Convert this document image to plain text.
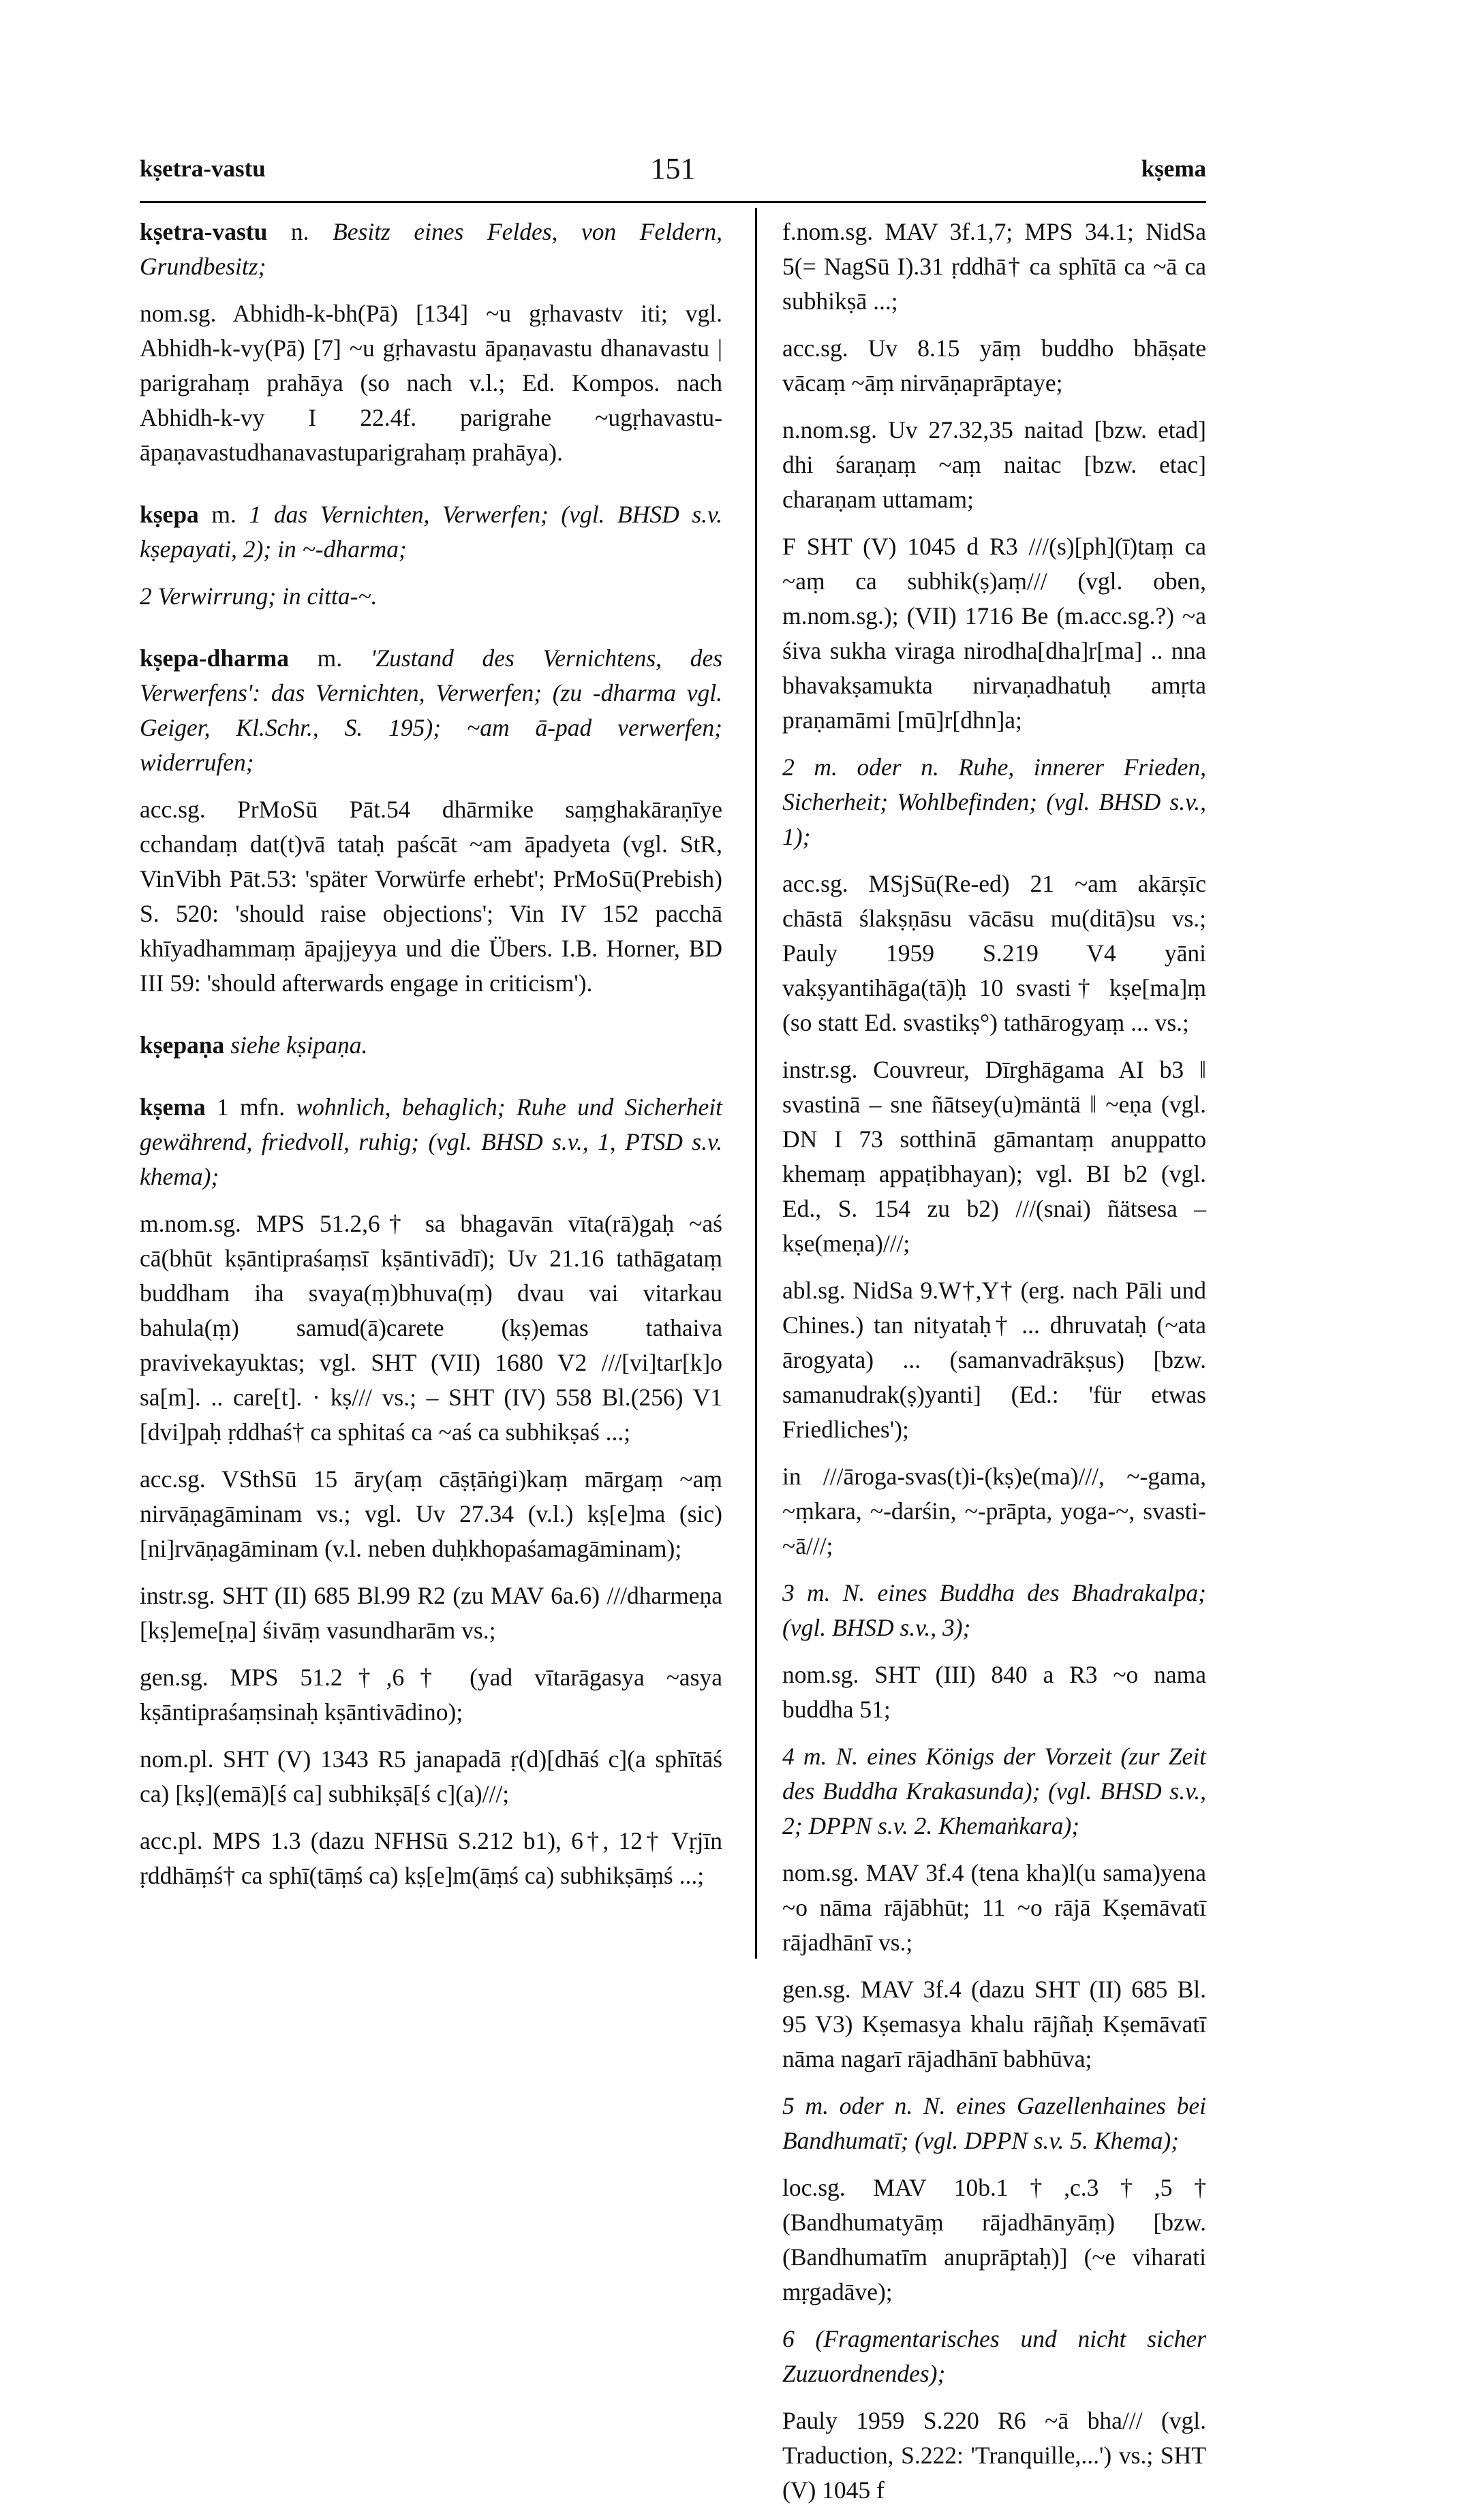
kṣetra-vastu	151	kṣema
kṣetra-vastu n. Besitz eines Feldes, von Feldern, Grundbesitz;
nom.sg. Abhidh-k-bh(Pā) [134] ~u gṛhavastv iti; vgl. Abhidh-k-vy(Pā) [7] ~u gṛhavastu āpaṇavastu dhanavastu | parigrahaṃ prahāya (so nach v.l.; Ed. Kompos. nach Abhidh-k-vy I 22.4f. parigrahe ~ugṛhavastu-āpaṇavastudhanavastuparigrahaṃ prahāya).
kṣepa m. 1 das Vernichten, Verwerfen; (vgl. BHSD s.v. kṣepayati, 2); in ~-dharma;
2 Verwirrung; in citta-~.
kṣepa-dharma m. 'Zustand des Vernichtens, des Verwerfens': das Vernichten, Verwerfen; (zu -dharma vgl. Geiger, Kl.Schr., S. 195); ~am ā-pad verwerfen; widerrufen;
acc.sg. PrMoSū Pāt.54 dhārmike saṃghakāraṇīye cchandaṃ dat(t)vā tataḥ paścāt ~am āpadyeta (vgl. StR, VinVibh Pāt.53: 'später Vorwürfe erhebt'; PrMoSū(Prebish) S. 520: 'should raise objections'; Vin IV 152 pacchā khīyadhammaṃ āpajjeyya und die Übers. I.B. Horner, BD III 59: 'should afterwards engage in criticism').
kṣepaṇa siehe kṣipaṇa.
kṣema 1 mfn. wohnlich, behaglich; Ruhe und Sicherheit gewährend, friedvoll, ruhig; (vgl. BHSD s.v., 1, PTSD s.v. khema);
m.nom.sg. MPS 51.2,6† sa bhagavān vīta(rā)gaḥ ~aś cā(bhūt kṣāntipraśaṃsī kṣāntivādī); Uv 21.16 tathāgataṃ buddham iha svaya(ṃ)bhuva(ṃ) dvau vai vitarkau bahula(ṃ) samud(ā)carete (kṣ)emas tathaiva pravivekayuktas; vgl. SHT (VII) 1680 V2 ///[vi]tar[k]o sa[m]. .. care[t]. · kṣ/// vs.; – SHT (IV) 558 Bl.(256) V1 [dvi]paḥ ṛddhaś† ca sphitaś ca ~aś ca subhikṣaś ...;
acc.sg. VSthSū 15 āry(aṃ cāṣṭāṅgi)kaṃ mārgaṃ ~aṃ nirvāṇagāminam vs.; vgl. Uv 27.34 (v.l.) kṣ[e]ma (sic) [ni]rvāṇagāminam (v.l. neben duḥkhopaśamagāminam);
instr.sg. SHT (II) 685 Bl.99 R2 (zu MAV 6a.6) ///dharmeṇa [kṣ]eme[ṇa] śivāṃ vasundharām vs.;
gen.sg. MPS 51.2†,6† (yad vītarāgasya ~asya kṣāntipraśaṃsinaḥ kṣāntivādino);
nom.pl. SHT (V) 1343 R5 janapadā ṛ(d)[dhāś c](a sphītāś ca) [kṣ](emā)[ś ca] subhikṣā[ś c](a)///;
acc.pl. MPS 1.3 (dazu NFHSū S.212 b1), 6†, 12† Vṛjīn ṛddhāṃś† ca sphī(tāṃś ca) kṣ[e]m(āṃś ca) subhikṣāṃś ...;
f.nom.sg. MAV 3f.1,7; MPS 34.1; NidSa 5(= NagSū I).31 ṛddhā† ca sphītā ca ~ā ca subhikṣā ...;
acc.sg. Uv 8.15 yāṃ buddho bhāṣate vācaṃ ~āṃ nirvāṇaprāptaye;
n.nom.sg. Uv 27.32,35 naitad [bzw. etad] dhi śaraṇaṃ ~aṃ naitac [bzw. etac] charaṇam uttamam;
F SHT (V) 1045 d R3 ///(s)[ph](ī)taṃ ca ~aṃ ca subhik(ṣ)aṃ/// (vgl. oben, m.nom.sg.); (VII) 1716 Be (m.acc.sg.?) ~a śiva sukha viraga nirodha[dha]r[ma] .. nna bhavakṣamukta nirvaṇadhatuḥ amṛta praṇamāmi [mū]r[dhn]a;
2 m. oder n. Ruhe, innerer Frieden, Sicherheit; Wohlbefinden; (vgl. BHSD s.v., 1);
acc.sg. MSjSū(Re-ed) 21 ~am akārṣīc chāstā ślakṣṇāsu vācāsu mu(ditā)su vs.; Pauly 1959 S.219 V4 yāni vakṣyantihāga(tā)ḥ 10 svasti† kṣe[ma]ṃ (so statt Ed. svastikṣ°) tathārogyaṃ ... vs.;
instr.sg. Couvreur, Dīrghāgama AI b3 ǁ svastinā – sne ñātsey(u)mäntä ǁ ~eṇa (vgl. DN I 73 sotthinā gāmantaṃ anuppatto khemaṃ appaṭibhayan); vgl. BI b2 (vgl. Ed., S. 154 zu b2) ///(snai) ñätsesa – kṣe(meṇa)///;
abl.sg. NidSa 9.W†,Y† (erg. nach Pāli und Chines.) tan nityataḥ† ... dhruvataḥ (~ata ārogyata) ... (samanvadrākṣus) [bzw. samanudrak(ṣ)yanti] (Ed.: 'für etwas Friedliches');
in ///āroga-svas(t)i-(kṣ)e(ma)///, ~-gama, ~ṃkara, ~-darśin, ~-prāpta, yoga-~, svasti-~ā///;
3 m. N. eines Buddha des Bhadrakalpa; (vgl. BHSD s.v., 3);
nom.sg. SHT (III) 840 a R3 ~o nama buddha 51;
4 m. N. eines Königs der Vorzeit (zur Zeit des Buddha Krakasunda); (vgl. BHSD s.v., 2; DPPN s.v. 2. Khemaṅkara);
nom.sg. MAV 3f.4 (tena kha)l(u sama)yena ~o nāma rājābhūt; 11 ~o rājā Kṣemāvatī rājadhānī vs.;
gen.sg. MAV 3f.4 (dazu SHT (II) 685 Bl. 95 V3) Kṣemasya khalu rājñaḥ Kṣemāvatī nāma nagarī rājadhānī babhūva;
5 m. oder n. N. eines Gazellenhaines bei Bandhumatī; (vgl. DPPN s.v. 5. Khema);
loc.sg. MAV 10b.1†,c.3†,5† (Bandhumatyāṃ rājadhānyāṃ) [bzw. (Bandhumatīm anuprāptaḥ)] (~e viharati mṛgadāve);
6 (Fragmentarisches und nicht sicher Zuzuordnendes);
Pauly 1959 S.220 R6 ~ā bha/// (vgl. Traduction, S.222: 'Tranquille,...') vs.; SHT (V) 1045 f
